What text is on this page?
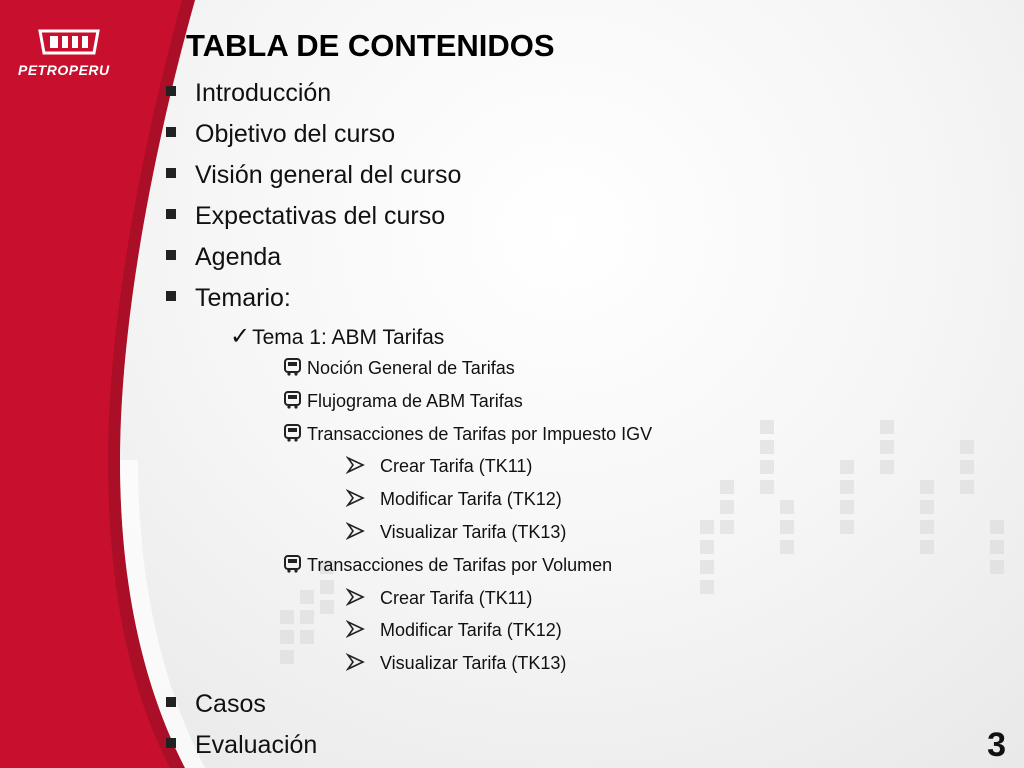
PETROPERU
TABLA DE CONTENIDOS
Introducción
Objetivo del curso
Visión general del curso
Expectativas del curso
Agenda
Temario:
✓Tema 1: ABM Tarifas
Noción General de Tarifas
Flujograma de ABM Tarifas
Transacciones de Tarifas por Impuesto IGV
Crear Tarifa (TK11)
Modificar Tarifa (TK12)
Visualizar Tarifa (TK13)
Transacciones de Tarifas por Volumen
Crear Tarifa (TK11)
Modificar Tarifa (TK12)
Visualizar Tarifa (TK13)
Casos
Evaluación	3
